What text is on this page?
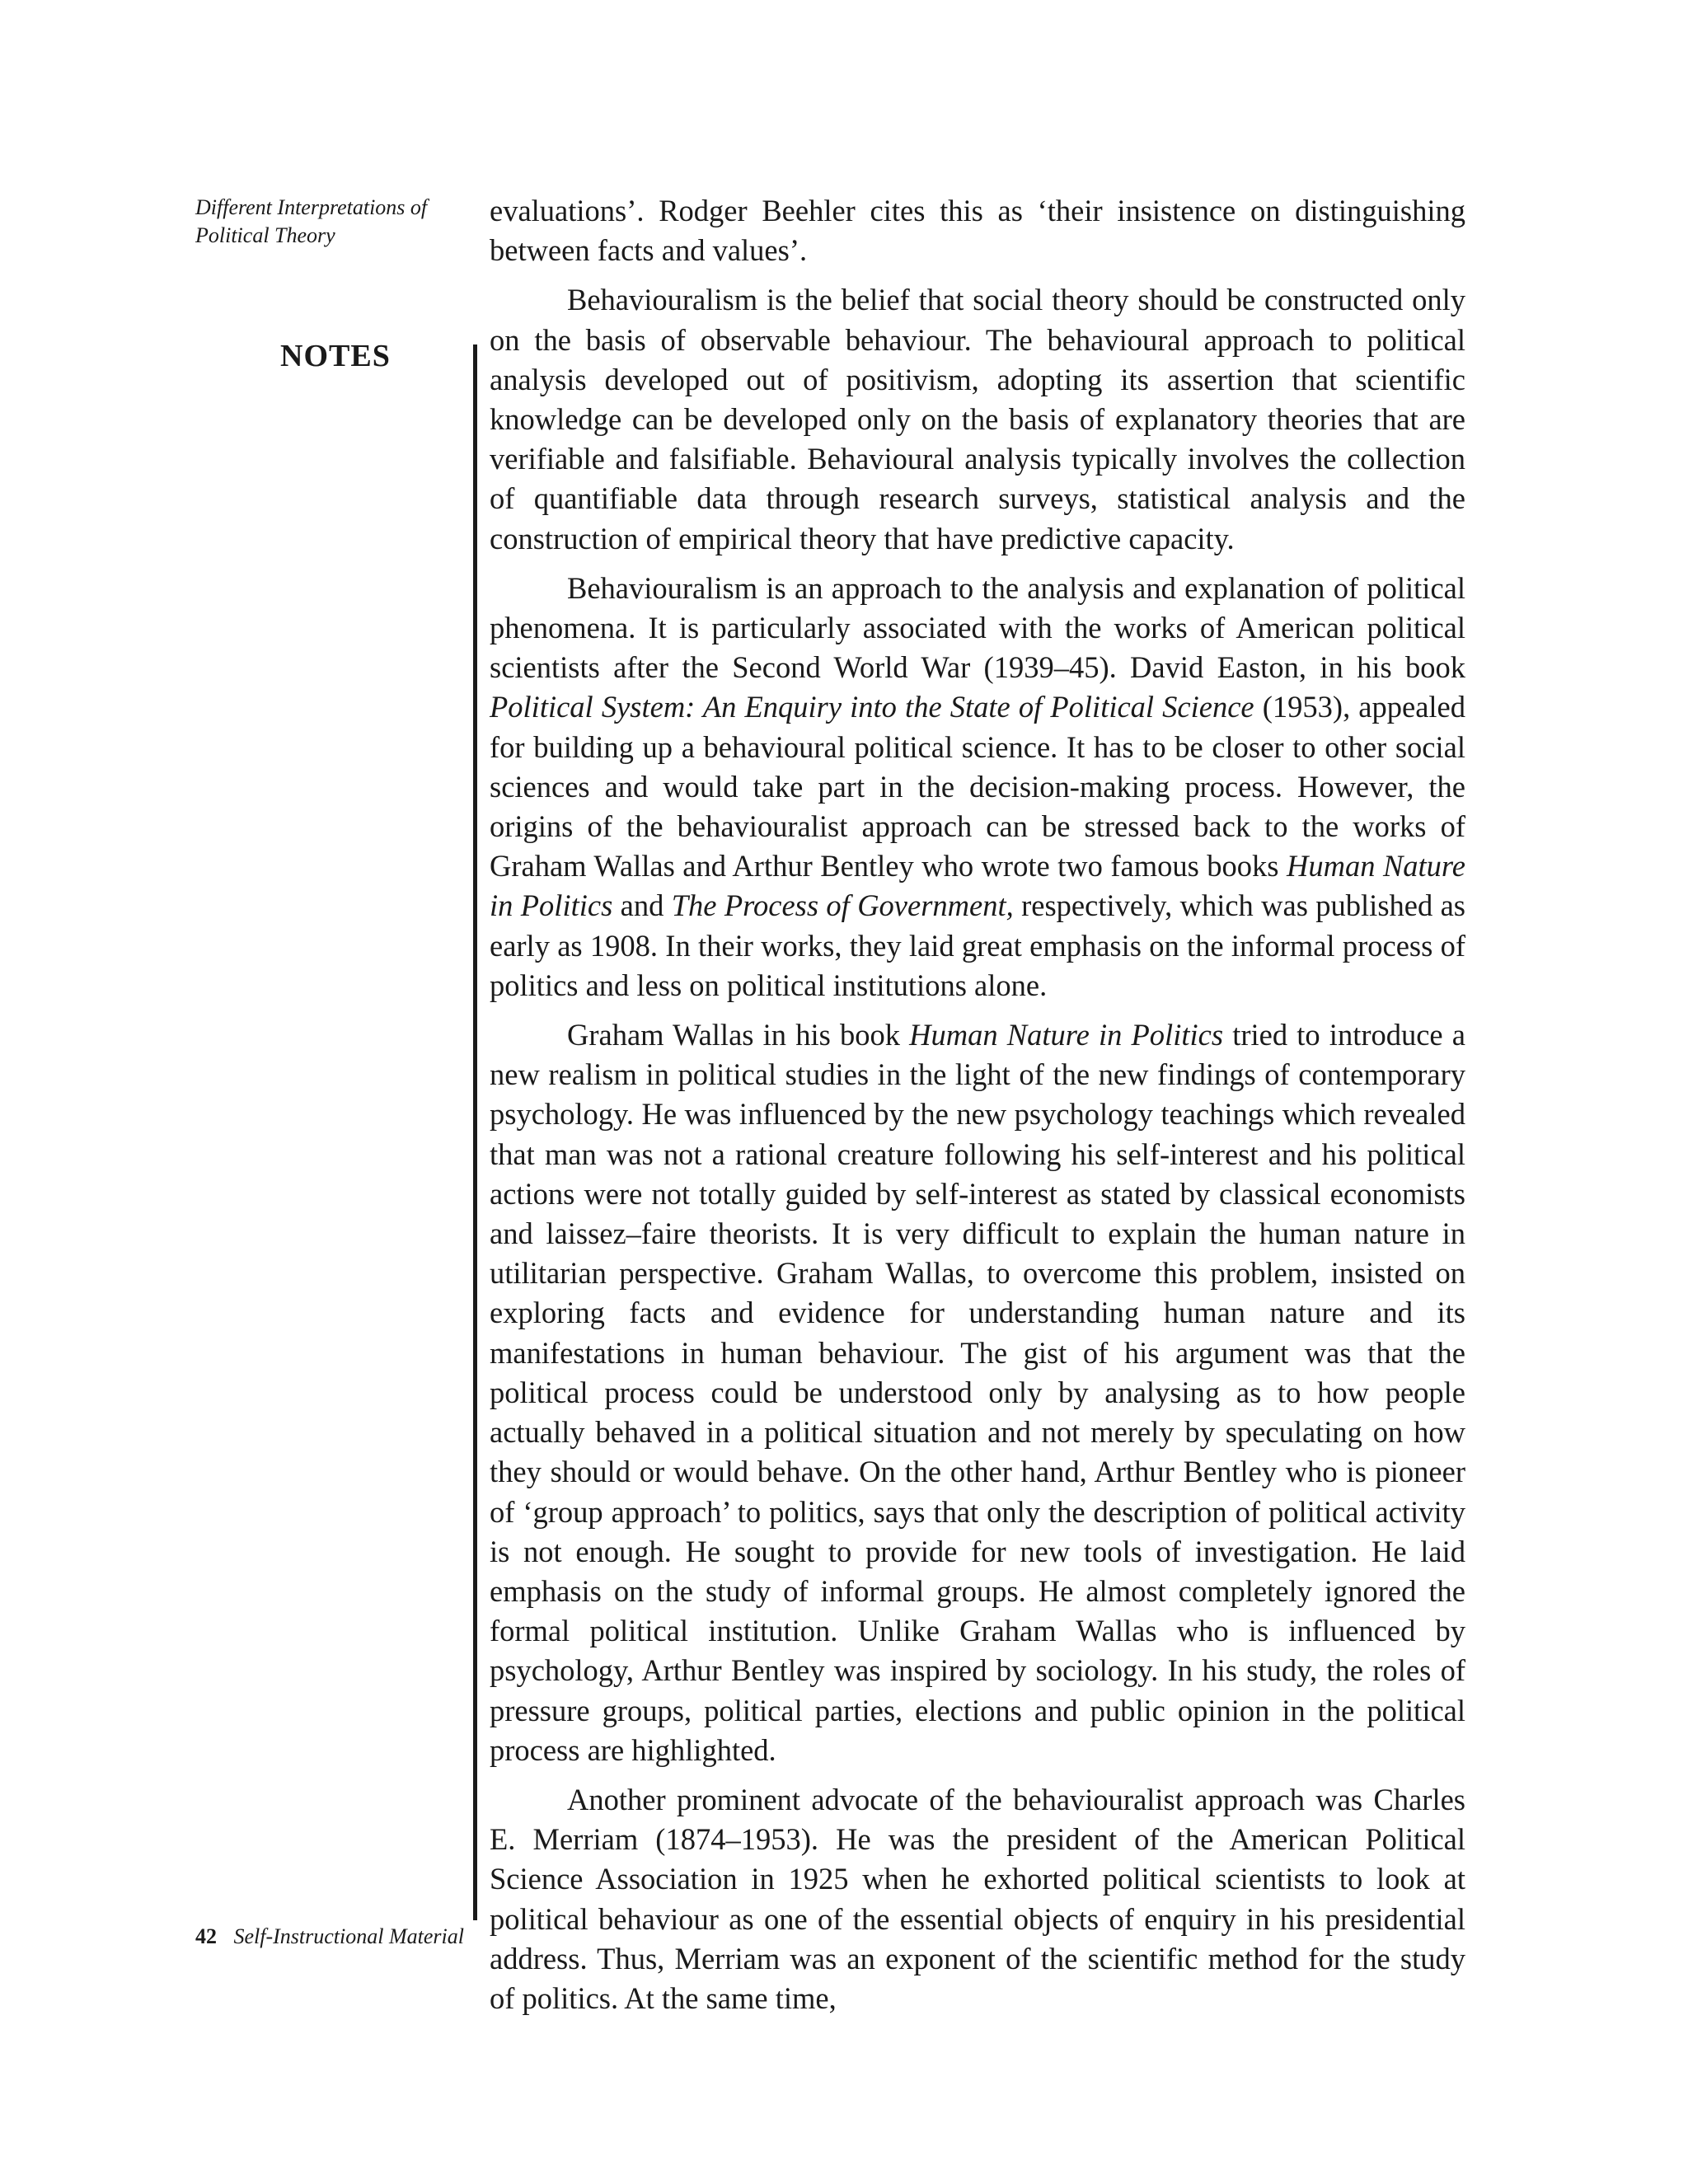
Different Interpretations of Political Theory
NOTES

evaluations’. Rodger Beehler cites this as ‘their insistence on distinguishing between facts and values’.

Behaviouralism is the belief that social theory should be constructed only on the basis of observable behaviour. The behavioural approach to political analysis developed out of positivism, adopting its assertion that scientific knowledge can be developed only on the basis of explanatory theories that are verifiable and falsifiable. Behavioural analysis typically involves the collection of quantifiable data through research surveys, statistical analysis and the construction of empirical theory that have predictive capacity.

Behaviouralism is an approach to the analysis and explanation of political phenomena. It is particularly associated with the works of American political scientists after the Second World War (1939–45). David Easton, in his book Political System: An Enquiry into the State of Political Science (1953), appealed for building up a behavioural political science. It has to be closer to other social sciences and would take part in the decision-making process. However, the origins of the behaviouralist approach can be stressed back to the works of Graham Wallas and Arthur Bentley who wrote two famous books Human Nature in Politics and The Process of Government, respectively, which was published as early as 1908. In their works, they laid great emphasis on the informal process of politics and less on political institutions alone.

Graham Wallas in his book Human Nature in Politics tried to introduce a new realism in political studies in the light of the new findings of contemporary psychology. He was influenced by the new psychology teachings which revealed that man was not a rational creature following his self-interest and his political actions were not totally guided by self-interest as stated by classical economists and laissez–faire theorists. It is very difficult to explain the human nature in utilitarian perspective. Graham Wallas, to overcome this problem, insisted on exploring facts and evidence for understanding human nature and its manifestations in human behaviour. The gist of his argument was that the political process could be understood only by analysing as to how people actually behaved in a political situation and not merely by speculating on how they should or would behave. On the other hand, Arthur Bentley who is pioneer of ‘group approach’ to politics, says that only the description of political activity is not enough. He sought to provide for new tools of investigation. He laid emphasis on the study of informal groups. He almost completely ignored the formal political institution. Unlike Graham Wallas who is influenced by psychology, Arthur Bentley was inspired by sociology. In his study, the roles of pressure groups, political parties, elections and public opinion in the political process are highlighted.

Another prominent advocate of the behaviouralist approach was Charles E. Merriam (1874–1953). He was the president of the American Political Science Association in 1925 when he exhorted political scientists to look at political behaviour as one of the essential objects of enquiry in his presidential address. Thus, Merriam was an exponent of the scientific method for the study of politics. At the same time,

42 Self-Instructional Material
